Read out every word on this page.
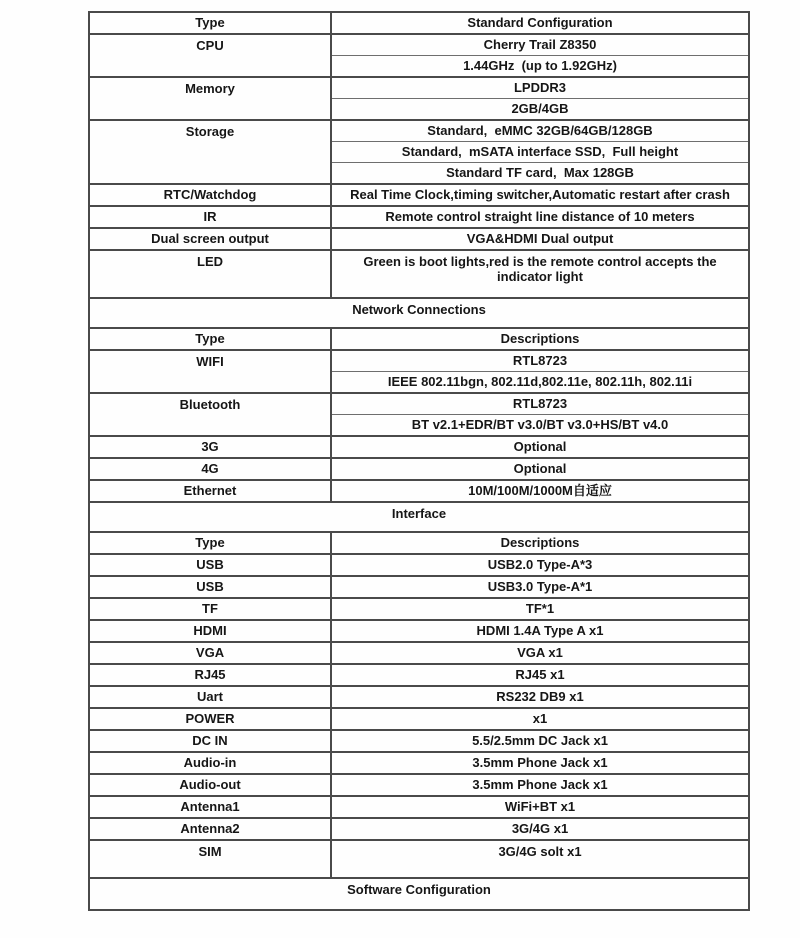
Type	Standard Configuration
CPU	Cherry Trail Z8350
	1.44GHz  (up to 1.92GHz)
Memory	LPDDR3
	2GB/4GB
Storage	Standard,  eMMC 32GB/64GB/128GB
	Standard,  mSATA interface SSD,  Full height
	Standard TF card,  Max 128GB
RTC/Watchdog	Real Time Clock,timing switcher,Automatic restart after crash
IR	Remote control straight line distance of 10 meters
Dual screen output	VGA&HDMI Dual output
LED	Green is boot lights,red is the remote control accepts the indicator light
Network Connections	
Type	Descriptions
WIFI	RTL8723
	IEEE 802.11bgn, 802.11d,802.11e, 802.11h, 802.11i
Bluetooth	RTL8723
	BT v2.1+EDR/BT v3.0/BT v3.0+HS/BT v4.0
3G	Optional
4G	Optional
Ethernet	10M/100M/1000M自适应
Interface	
Type	Descriptions
USB	USB2.0 Type-A*3
USB	USB3.0 Type-A*1
TF	TF*1
HDMI	HDMI 1.4A Type A x1
VGA	VGA x1
RJ45	RJ45 x1
Uart	RS232 DB9 x1
POWER	x1
DC IN	5.5/2.5mm DC Jack x1
Audio-in	3.5mm Phone Jack x1
Audio-out	3.5mm Phone Jack x1
Antenna1	WiFi+BT x1
Antenna2	3G/4G x1
SIM	3G/4G solt x1
Software Configuration	
